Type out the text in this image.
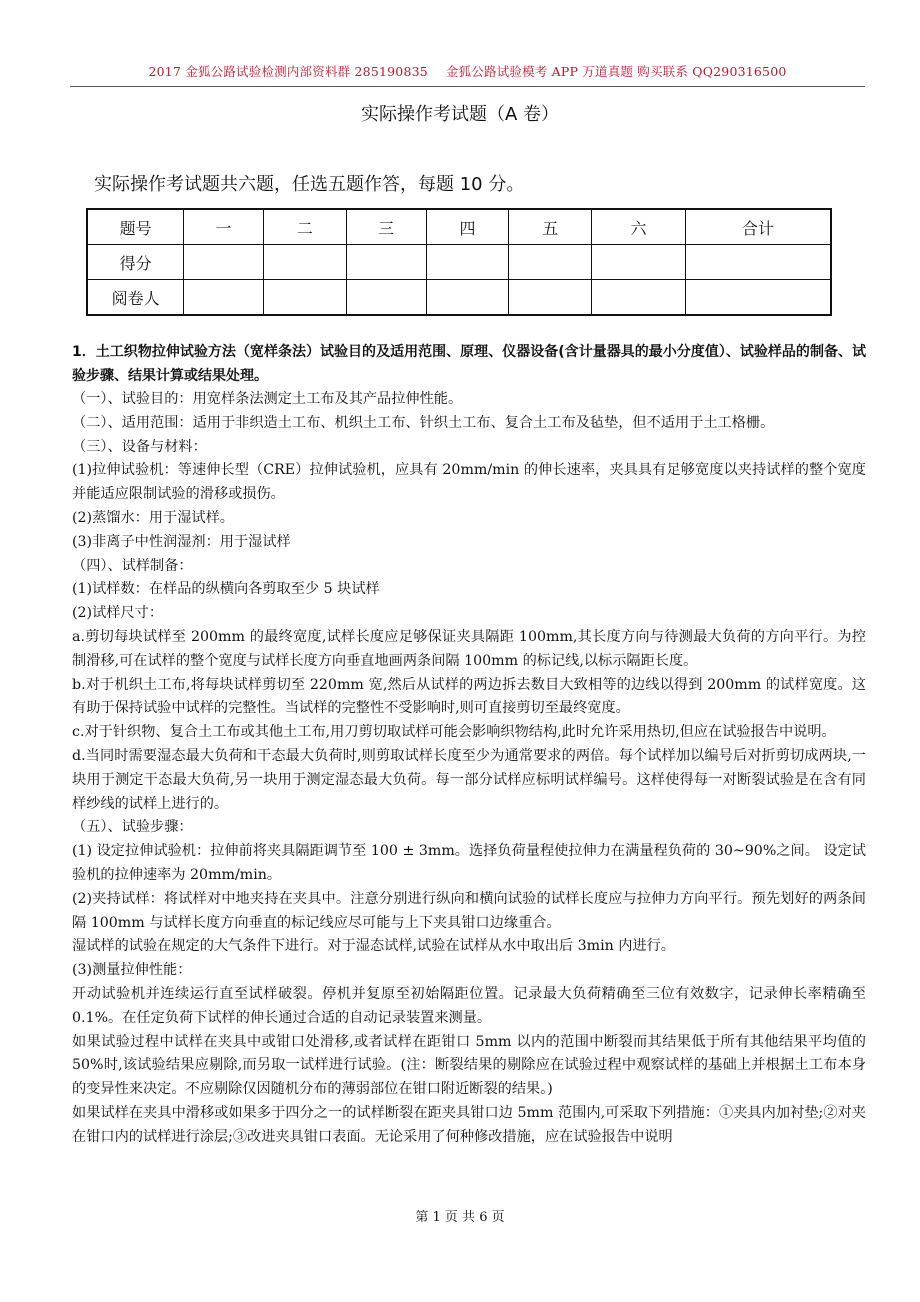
2017 金狐公路试验检测内部资料群 285190835 金狐公路试验模考 APP 万道真题 购买联系 QQ290316500
实际操作考试题（A 卷）
实际操作考试题共六题，任选五题作答，每题 10 分。
题号	一	二	三	四	五	六	合计
得分							
阅卷人							

1．土工织物拉伸试验方法（宽样条法）试验目的及适用范围、原理、仪器设备(含计量器具的最小分度值）、试验样品的制备、试验步骤、结果计算或结果处理。

（一）、试验目的：用宽样条法测定土工布及其产品拉伸性能。

（二）、适用范围：适用于非织造土工布、机织土工布、针织土工布、复合土工布及毡垫，但不适用于土工格栅。

（三）、设备与材料：

(1)拉伸试验机：等速伸长型（CRE）拉伸试验机，应具有 20mm/min 的伸长速率，夹具具有足够宽度以夹持试样的整个宽度并能适应限制试验的滑移或损伤。

(2)蒸馏水：用于湿试样。

(3)非离子中性润湿剂：用于湿试样

（四）、试样制备：

(1)试样数：在样品的纵横向各剪取至少 5 块试样

(2)试样尺寸：

a.剪切每块试样至 200mm 的最终宽度,试样长度应足够保证夹具隔距 100mm,其长度方向与待测最大负荷的方向平行。为控制滑移,可在试样的整个宽度与试样长度方向垂直地画两条间隔 100mm 的标记线,以标示隔距长度。

b.对于机织土工布,将每块试样剪切至 220mm 宽,然后从试样的两边拆去数目大致相等的边线以得到 200mm 的试样宽度。这有助于保持试验中试样的完整性。当试样的完整性不受影响时,则可直接剪切至最终宽度。

c.对于针织物、复合土工布或其他土工布,用刀剪切取试样可能会影响织物结构,此时允许采用热切,但应在试验报告中说明。

d.当同时需要湿态最大负荷和干态最大负荷时,则剪取试样长度至少为通常要求的两倍。每个试样加以编号后对折剪切成两块,一块用于测定干态最大负荷,另一块用于测定湿态最大负荷。每一部分试样应标明试样编号。这样使得每一对断裂试验是在含有同样纱线的试样上进行的。

（五）、试验步骤：

(1) 设定拉伸试验机：拉伸前将夹具隔距调节至 100 ± 3mm。选择负荷量程使拉伸力在满量程负荷的 30~90%之间。 设定试验机的拉伸速率为 20mm/min。

(2)夹持试样：将试样对中地夹持在夹具中。注意分别进行纵向和横向试验的试样长度应与拉伸力方向平行。预先划好的两条间隔 100mm 与试样长度方向垂直的标记线应尽可能与上下夹具钳口边缘重合。

湿试样的试验在规定的大气条件下进行。对于湿态试样,试验在试样从水中取出后 3min 内进行。

(3)测量拉伸性能：

开动试验机并连续运行直至试样破裂。停机并复原至初始隔距位置。记录最大负荷精确至三位有效数字，记录伸长率精确至 0.1%。在任定负荷下试样的伸长通过合适的自动记录装置来测量。

如果试验过程中试样在夹具中或钳口处滑移,或者试样在距钳口 5mm 以内的范围中断裂而其结果低于所有其他结果平均值的 50%时,该试验结果应剔除,而另取一试样进行试验。(注：断裂结果的剔除应在试验过程中观察试样的基础上并根据土工布本身的变异性来决定。不应剔除仅因随机分布的薄弱部位在钳口附近断裂的结果。)

如果试样在夹具中滑移或如果多于四分之一的试样断裂在距夹具钳口边 5mm 范围内,可采取下列措施：①夹具内加衬垫;②对夹在钳口内的试样进行涂层;③改进夹具钳口表面。无论采用了何种修改措施，应在试验报告中说明

第 1 页 共 6 页
